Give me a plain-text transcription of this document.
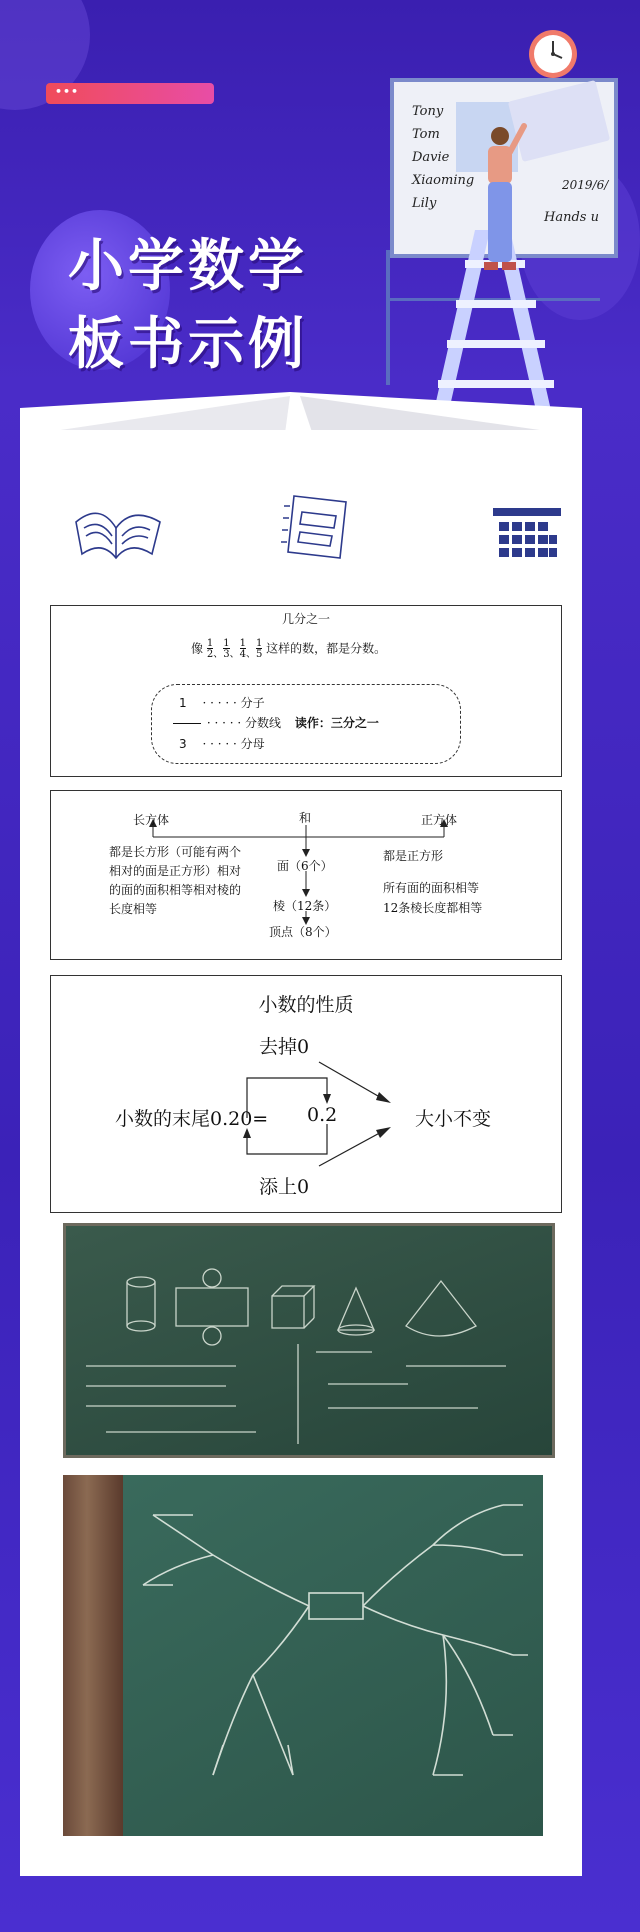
•••
小学数学
板书示例
Tony
Tom
Davie
Xiaoming
Lily
2019/6/
Hands u
几分之一
像 $\frac{1}{2}$、$\frac{1}{3}$、$\frac{1}{4}$、$\frac{1}{5}$ 这样的数，都是分数。
1 · · · · · 分子
· · · · · 分数线 读作：三分之一
3 · · · · · 分母
长方体	和	正方体
都是长方形（可能有两个相对的面是正方形）相对的面的面积相等相对棱的长度相等
面（6个）
棱（12条）
顶点（8个）
都是正方形
所有面的面积相等
12条棱长度都相等
小数的性质
去掉0
小数的末尾0.20= 0.2	大小不变
添上0
